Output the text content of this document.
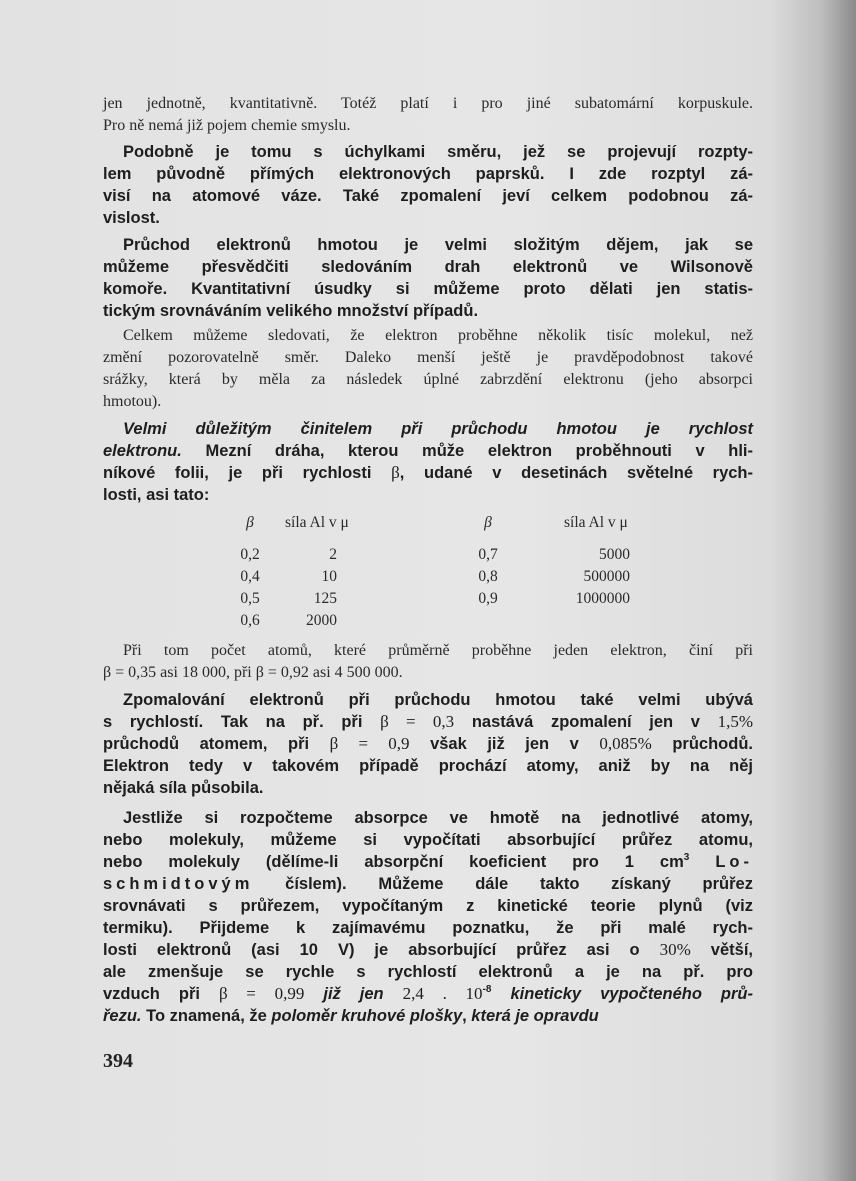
jen jednotně, kvantitativně. Totéž platí i pro jiné subatomární korpuskule.
Pro ně nemá již pojem chemie smyslu.
Podobně je tomu s úchylkami směru, jež se projevují rozpty-
lem původně přímých elektronových paprsků. I zde rozptyl zá-
visí na atomové váze. Také zpomalení jeví celkem podobnou zá-
vislost.
Průchod elektronů hmotou je velmi složitým dějem, jak se
můžeme přesvědčiti sledováním drah elektronů ve Wilsonově
komoře. Kvantitativní úsudky si můžeme proto dělati jen statis-
tickým srovnáváním velikého množství případů.
Celkem můžeme sledovati, že elektron proběhne několik tisíc molekul, než
změní pozorovatelně směr. Daleko menší ještě je pravděpodobnost takové
srážky, která by měla za následek úplné zabrzdění elektronu (jeho absorpci
hmotou).
Velmi důležitým činitelem při průchodu hmotou je rychlost
elektronu. Mezní dráha, kterou může elektron proběhnouti v hli-
níkové folii, je při rychlosti β, udané v desetinách světelné rych-
losti, asi tato:
Při tom počet atomů, které průměrně proběhne jeden elektron, činí při
β = 0,35 asi 18 000, při β = 0,92 asi 4 500 000.
Zpomalování elektronů při průchodu hmotou také velmi ubývá
s rychlostí. Tak na př. při β = 0,3 nastává zpomalení jen v 1,5%
průchodů atomem, při β = 0,9 však již jen v 0,085% průchodů.
Elektron tedy v takovém případě prochází atomy, aniž by na něj
nějaká síla působila.
Jestliže si rozpočteme absorpce ve hmotě na jednotlivé atomy,
nebo molekuly, můžeme si vypočítati absorbující průřez atomu,
nebo molekuly (dělíme-li absorpční koeficient pro 1 $cm^3$ Lo-
schmidtovým číslem). Můžeme dále takto získaný průřez
srovnávati s průřezem, vypočítaným z kinetické teorie plynů (viz
termiku). Přijdeme k zajímavému poznatku, že při malé rych-
losti elektronů (asi 10 V) je absorbující průřez asi o 30% větší,
ale zmenšuje se rychle s rychlostí elektronů a je na př. pro
vzduch při β = 0,99 již jen 2,4 . $10^{-8}$ kineticky vypočteného prů-
řezu. To znamená, že poloměr kruhové plošky, která je opravdu
β
0,2
0,4
0,5
0,6
síla Al v μ
2
10
125
2000
β
0,7
0,8
0,9
síla Al v μ
5000
500000
1000000
394
